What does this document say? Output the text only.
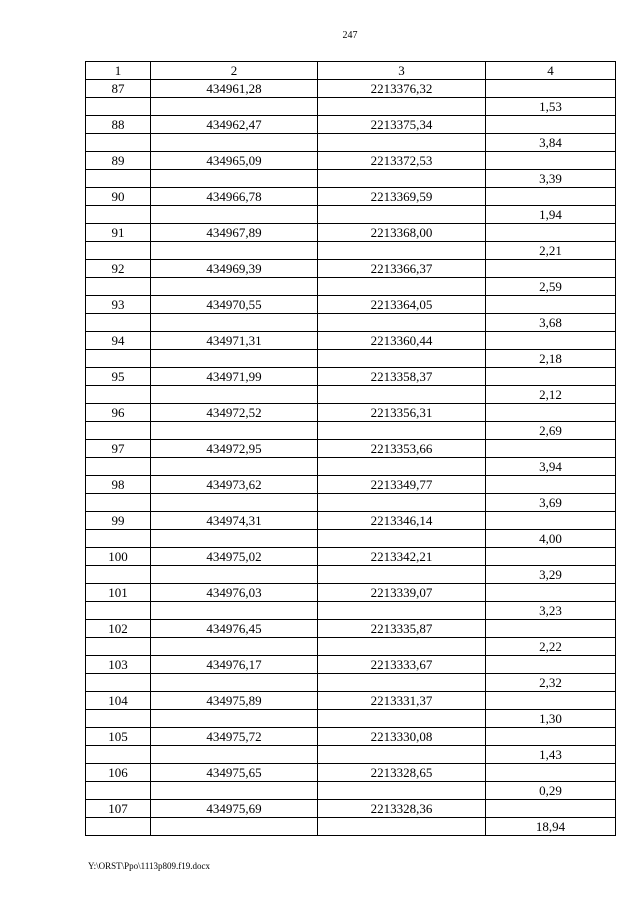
247
1	2	3	4
87	434961,28	2213376,32	
			1,53
88	434962,47	2213375,34	
			3,84
89	434965,09	2213372,53	
			3,39
90	434966,78	2213369,59	
			1,94
91	434967,89	2213368,00	
			2,21
92	434969,39	2213366,37	
			2,59
93	434970,55	2213364,05	
			3,68
94	434971,31	2213360,44	
			2,18
95	434971,99	2213358,37	
			2,12
96	434972,52	2213356,31	
			2,69
97	434972,95	2213353,66	
			3,94
98	434973,62	2213349,77	
			3,69
99	434974,31	2213346,14	
			4,00
100	434975,02	2213342,21	
			3,29
101	434976,03	2213339,07	
			3,23
102	434976,45	2213335,87	
			2,22
103	434976,17	2213333,67	
			2,32
104	434975,89	2213331,37	
			1,30
105	434975,72	2213330,08	
			1,43
106	434975,65	2213328,65	
			0,29
107	434975,69	2213328,36	
			18,94
Y:\ORST\Ppo\1113p809.f19.docx
